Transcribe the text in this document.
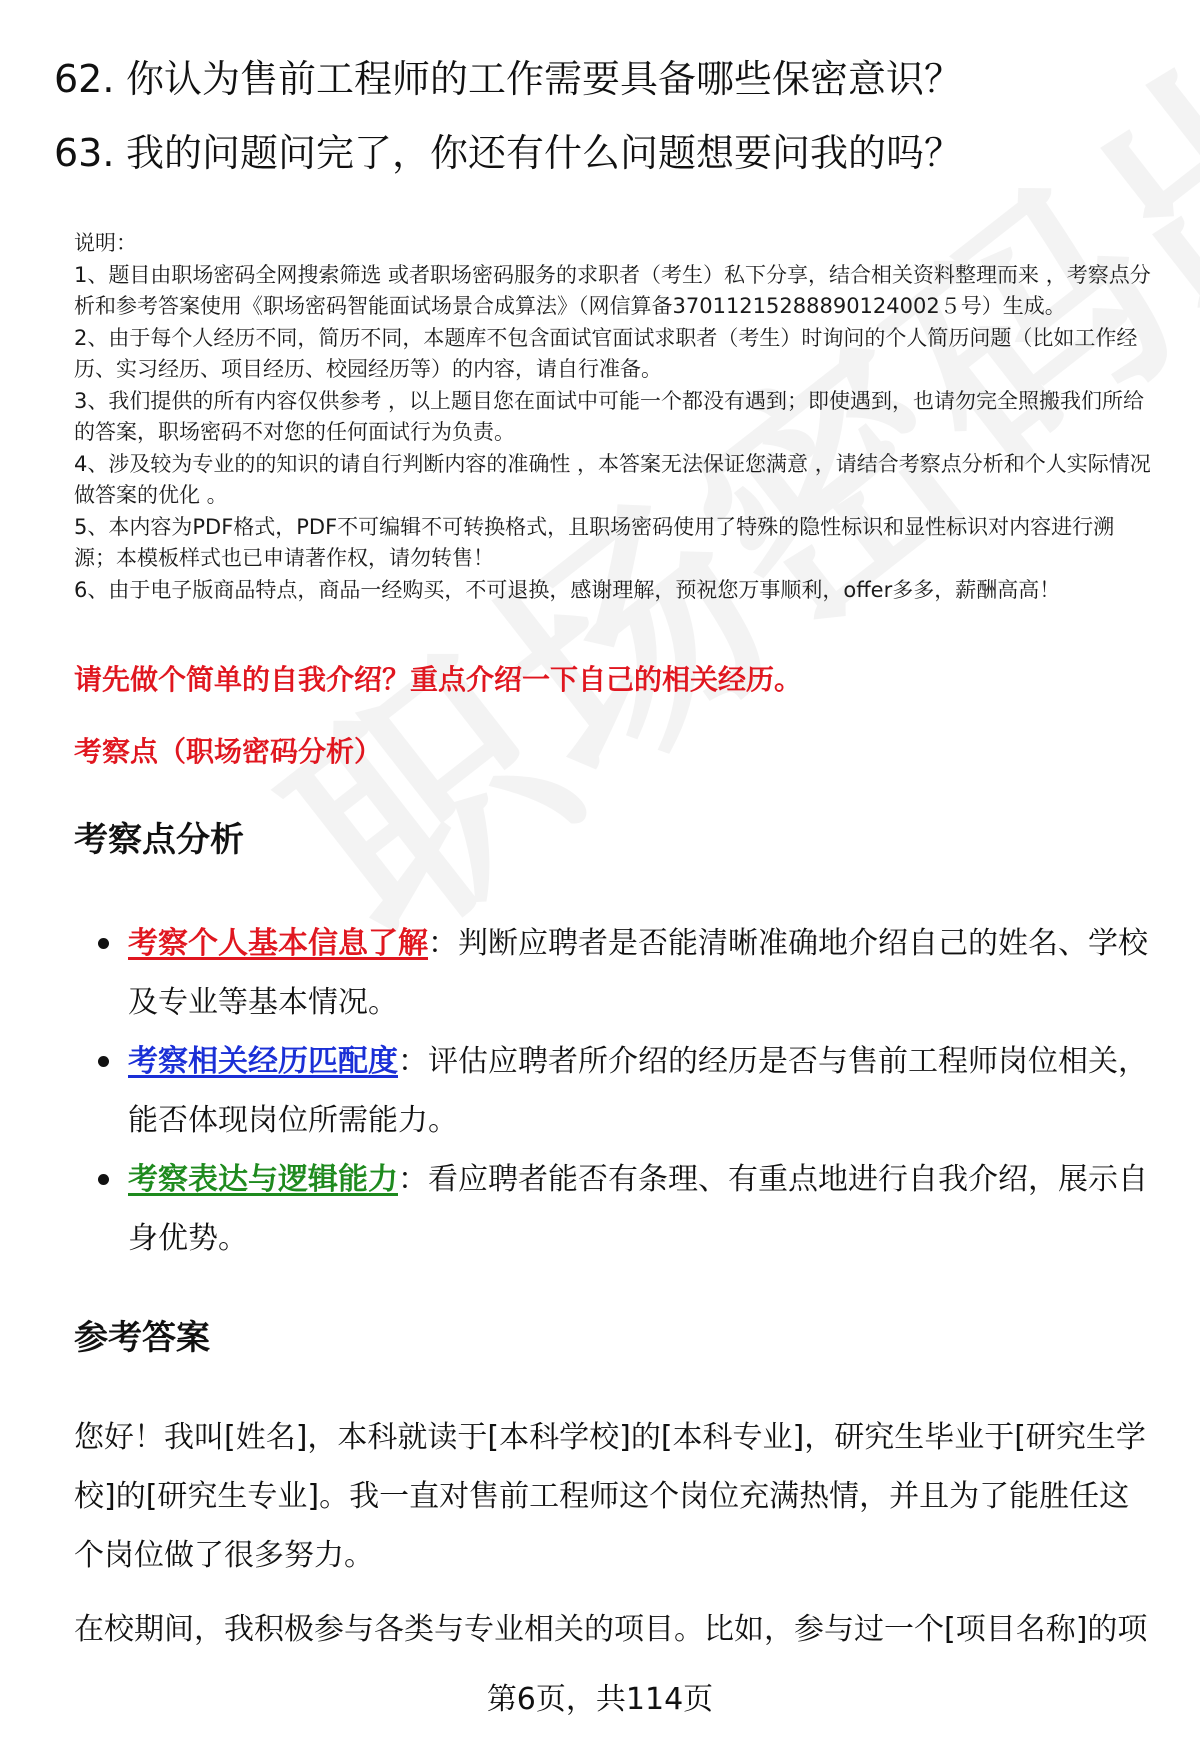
62. 你认为售前工程师的工作需要具备哪些保密意识？
63. 我的问题问完了，你还有什么问题想要问我的吗？

说明：

1、题目由职场密码全网搜索筛选 或者职场密码服务的求职者（考生）私下分享，结合相关资料整理而来 ，考察点分析和参考答案使用《职场密码智能面试场景合成算法》（网信算备37011215288890124002５号）生成。

2、由于每个人经历不同，简历不同，本题库不包含面试官面试求职者（考生）时询问的个人简历问题（比如工作经历、实习经历、项目经历、校园经历等）的内容，请自行准备。

3、我们提供的所有内容仅供参考 ，以上题目您在面试中可能一个都没有遇到；即使遇到，也请勿完全照搬我们所给的答案，职场密码不对您的任何面试行为负责。

4、涉及较为专业的的知识的请自行判断内容的准确性 ，本答案无法保证您满意 ，请结合考察点分析和个人实际情况做答案的优化 。

5、本内容为PDF格式，PDF不可编辑不可转换格式，且职场密码使用了特殊的隐性标识和显性标识对内容进行溯源；本模板样式也已申请著作权，请勿转售！

6、由于电子版商品特点，商品一经购买，不可退换，感谢理解，预祝您万事顺利，offer多多，薪酬高高！

请先做个简单的自我介绍？重点介绍一下自己的相关经历。
考察点（职场密码分析）
考察点分析
考察个人基本信息了解：判断应聘者是否能清晰准确地介绍自己的姓名、学校及专业等基本情况。
考察相关经历匹配度：评估应聘者所介绍的经历是否与售前工程师岗位相关，能否体现岗位所需能力。
考察表达与逻辑能力：看应聘者能否有条理、有重点地进行自我介绍，展示自身优势。
参考答案

您好！我叫[姓名]，本科就读于[本科学校]的[本科专业]，研究生毕业于[研究生学校]的[研究生专业]。我一直对售前工程师这个岗位充满热情，并且为了能胜任这个岗位做了很多努力。

在校期间，我积极参与各类与专业相关的项目。比如，参与过一个[项目名称]的项

第6页，共114页
